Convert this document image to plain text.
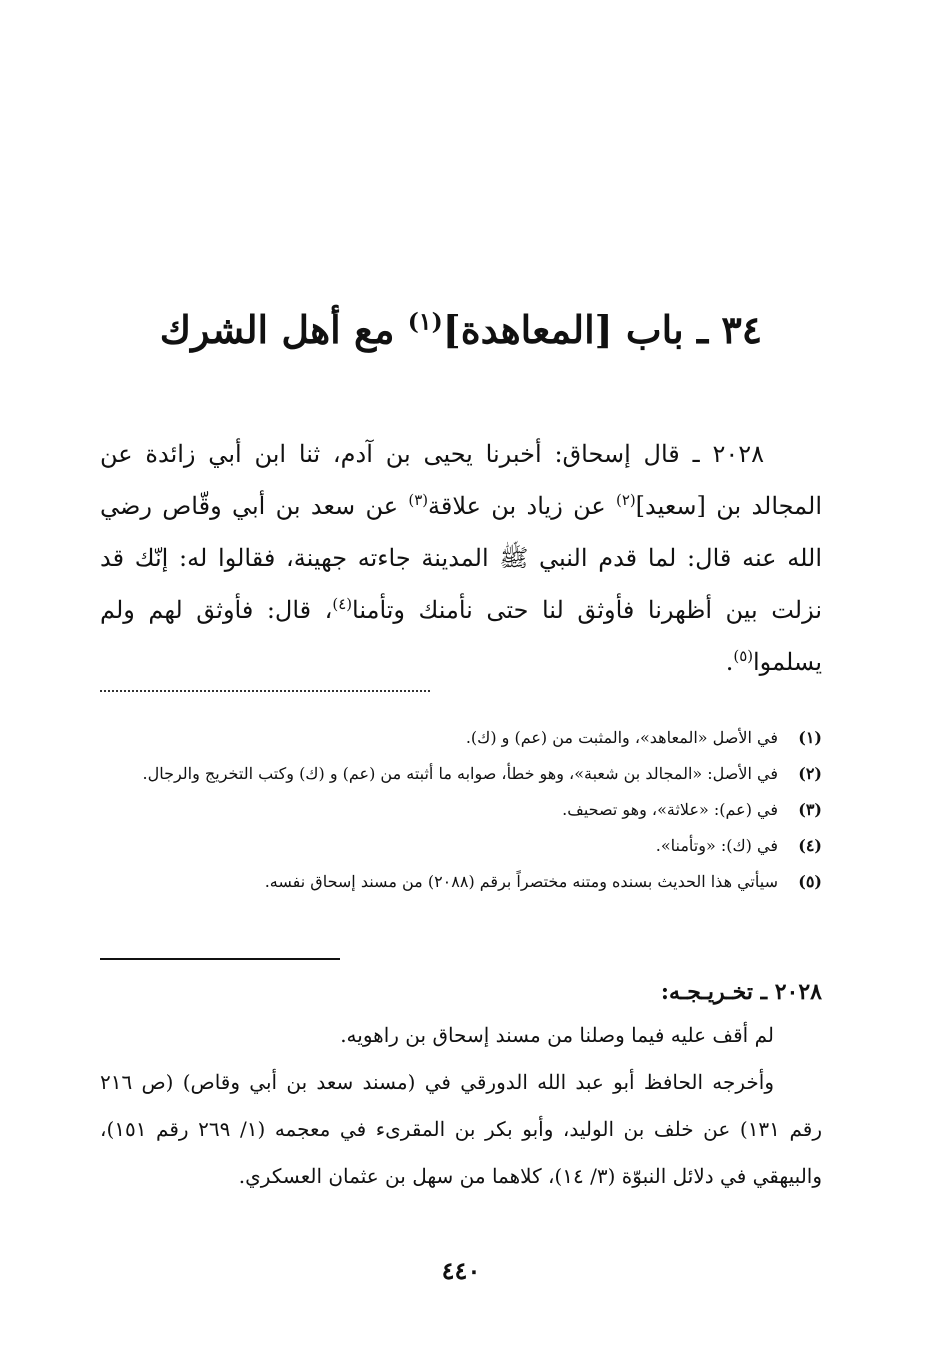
٣٤ ـ باب [المعاهدة]$^{(١)}$ مع أهل الشرك

٢٠٢٨ ـ قال إسحاق: أخبرنا يحيى بن آدم، ثنا ابن أبي زائدة عن المجالد بن [سعيد]$^{(٢)}$ عن زياد بن علاقة$^{(٣)}$ عن سعد بن أبي وقّاص رضي الله عنه قال: لما قدم النبي ﷺ المدينة جاءته جهينة، فقالوا له: إنّك قد نزلت بين أظهرنا فأوثق لنا حتى نأمنك وتأمنا$^{(٤)}$، قال: فأوثق لهم ولم يسلموا$^{(٥)}$.

(١)
في الأصل «المعاهد»، والمثبت من (عم) و (ك).
(٢)
في الأصل: «المجالد بن شعبة»، وهو خطأ، صوابه ما أثبته من (عم) و (ك) وكتب التخريج والرجال.
(٣)
في (عم): «علاثة»، وهو تصحيف.
(٤)
في (ك): «وتأمنا».
(٥)
سيأتي هذا الحديث بسنده ومتنه مختصراً برقم (٢٠٨٨) من مسند إسحاق نفسه.
٢٠٢٨ ـ تخـريـجـه:

لم أقف عليه فيما وصلنا من مسند إسحاق بن راهويه.

وأخرجه الحافظ أبو عبد الله الدورقي في (مسند سعد بن أبي وقاص) (ص ٢١٦ رقم ١٣١) عن خلف بن الوليد، وأبو بكر بن المقرىء في معجمه (١/ ٢٦٩ رقم ١٥١)، والبيهقي في دلائل النبوّة (٣/ ١٤)، كلاهما من سهل بن عثمان العسكري.

٤٤٠
